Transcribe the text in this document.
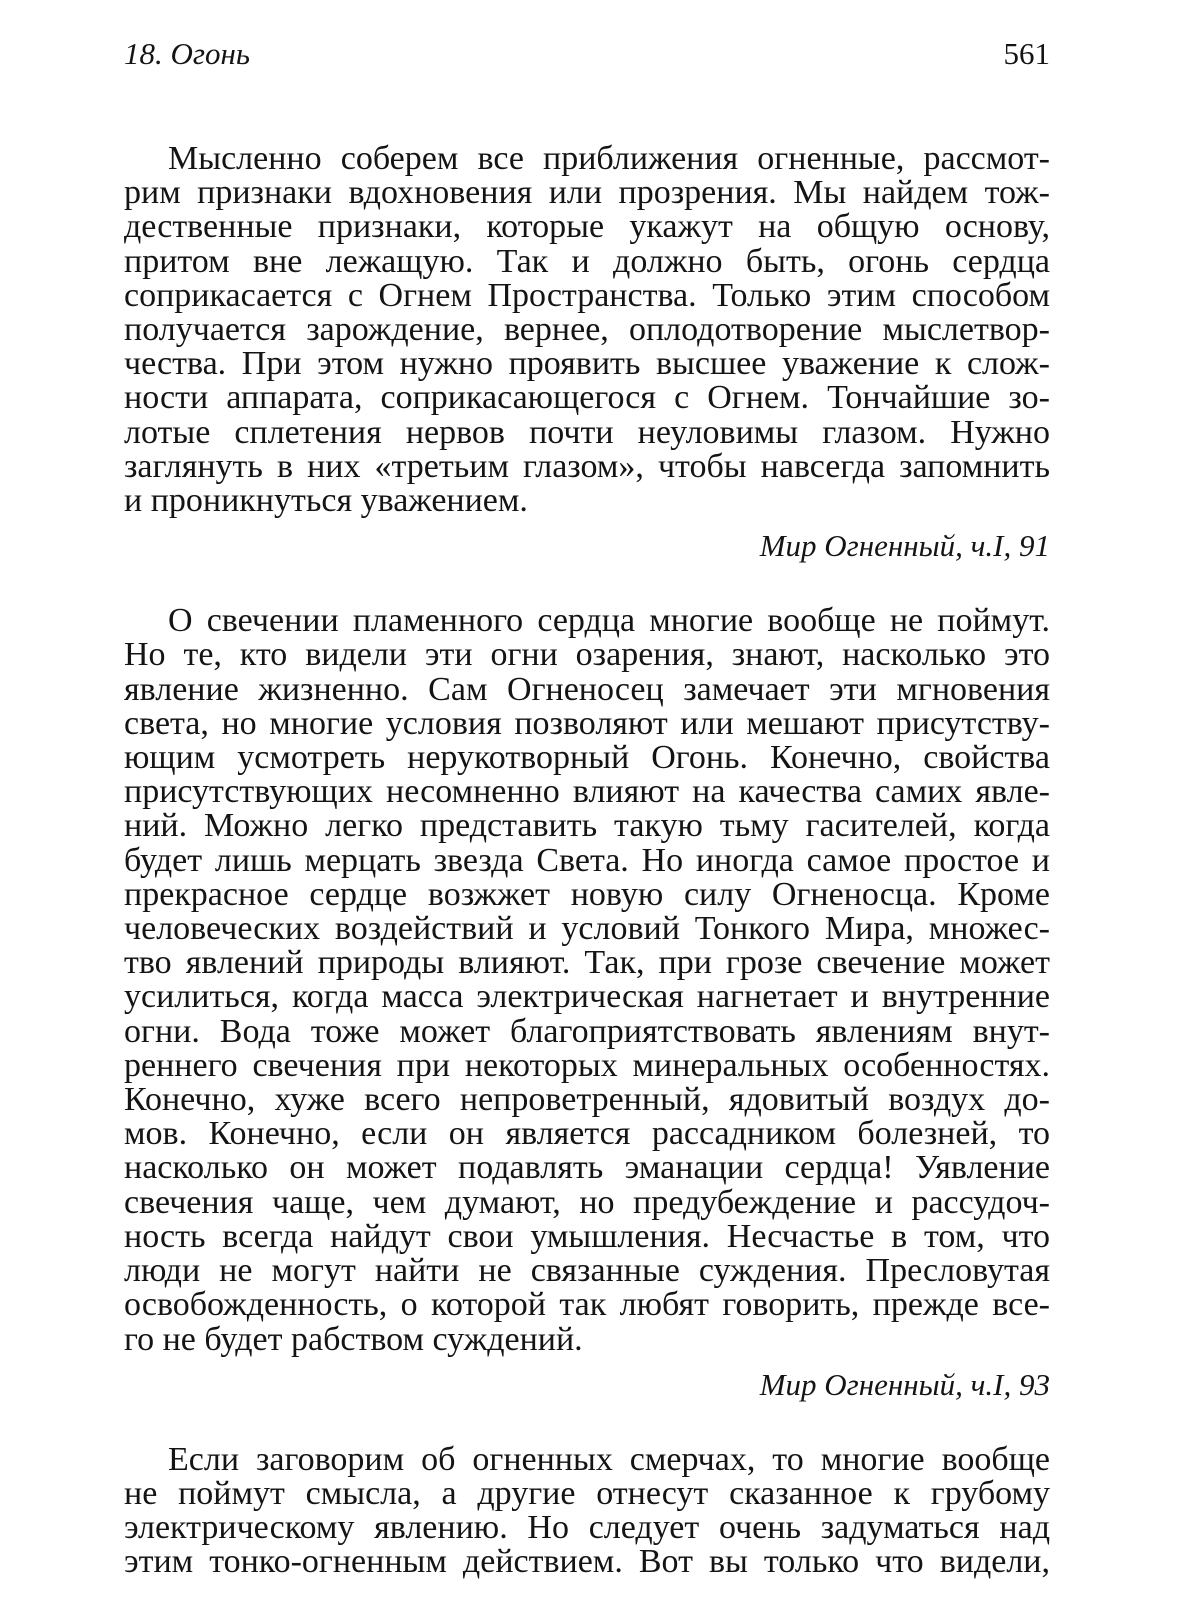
18. Огонь	561
Мысленно соберем все приближения огненные, рассмот-
рим признаки вдохновения или прозрения. Мы найдем тож-
дественные признаки, которые укажут на общую основу,
притом вне лежащую. Так и должно быть, огонь сердца
соприкасается с Огнем Пространства. Только этим способом
получается зарождение, вернее, оплодотворение мыслетвор-
чества. При этом нужно проявить высшее уважение к слож-
ности аппарата, соприкасающегося с Огнем. Тончайшие зо-
лотые сплетения нервов почти неуловимы глазом. Нужно
заглянуть в них «третьим глазом», чтобы навсегда запомнить
и проникнуться уважением.
Мир Огненный, ч.I, 91
О свечении пламенного сердца многие вообще не поймут.
Но те, кто видели эти огни озарения, знают, насколько это
явление жизненно. Сам Огненосец замечает эти мгновения
света, но многие условия позволяют или мешают присутству-
ющим усмотреть нерукотворный Огонь. Конечно, свойства
присутствующих несомненно влияют на качества самих явле-
ний. Можно легко представить такую тьму гасителей, когда
будет лишь мерцать звезда Света. Но иногда самое простое и
прекрасное сердце возжжет новую силу Огненосца. Кроме
человеческих воздействий и условий Тонкого Мира, множес-
тво явлений природы влияют. Так, при грозе свечение может
усилиться, когда масса электрическая нагнетает и внутренние
огни. Вода тоже может благоприятствовать явлениям внут-
реннего свечения при некоторых минеральных особенностях.
Конечно, хуже всего непроветренный, ядовитый воздух до-
мов. Конечно, если он является рассадником болезней, то
насколько он может подавлять эманации сердца! Уявление
свечения чаще, чем думают, но предубеждение и рассудоч-
ность всегда найдут свои умышления. Несчастье в том, что
люди не могут найти не связанные суждения. Пресловутая
освобожденность, о которой так любят говорить, прежде все-
го не будет рабством суждений.
Мир Огненный, ч.I, 93
Если заговорим об огненных смерчах, то многие вообще
не поймут смысла, а другие отнесут сказанное к грубому
электрическому явлению. Но следует очень задуматься над
этим тонко-огненным действием. Вот вы только что видели,
